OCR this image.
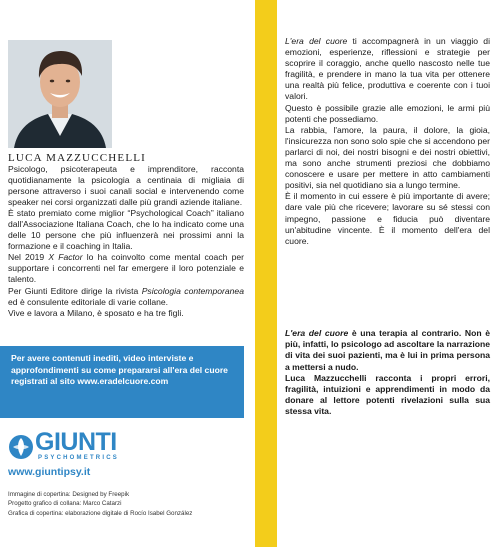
LUCA MAZZUCCHELLI

Psicologo, psicoterapeuta e imprenditore, racconta quotidianamente la psicologia a centinaia di migliaia di persone attraverso i suoi canali social e intervenendo come speaker nei corsi organizzati dalle più grandi aziende italiane.

È stato premiato come miglior “Psychological Coach” italiano dall'Associazione Italiana Coach, che lo ha indicato come una delle 10 persone che più influenzerà nei prossimi anni la formazione e il coaching in Italia.

Nel 2019 X Factor lo ha coinvolto come mental coach per supportare i concorrenti nel far emergere il loro potenziale e talento.

Per Giunti Editore dirige la rivista Psicologia contemporanea ed è consulente editoriale di varie collane.

Vive e lavora a Milano, è sposato e ha tre figli.

Per avere contenuti inediti, video interviste e approfondimenti su come prepararsi all'era del cuore registrati al sito www.eradelcuore.com
GIUNTI
PSYCHOMETRICS
www.giuntipsy.it
Immagine di copertina: Designed by Freepik
Progetto grafico di collana: Marco Catarzi
Grafica di copertina: elaborazione digitale di Rocío Isabel González

L'era del cuore ti accompagnerà in un viaggio di emozioni, esperienze, riflessioni e strategie per scoprire il coraggio, anche quello nascosto nelle tue fragilità, e prendere in mano la tua vita per ottenere una realtà più felice, produttiva e coerente con i tuoi valori.

Questo è possibile grazie alle emozioni, le armi più potenti che possediamo.

La rabbia, l'amore, la paura, il dolore, la gioia, l'insicurezza non sono solo spie che si accendono per parlarci di noi, dei nostri bisogni e dei nostri obiettivi, ma sono anche strumenti preziosi che dobbiamo conoscere e usare per mettere in atto cambiamenti positivi, sia nel quotidiano sia a lungo termine.

È il momento in cui essere è più importante di avere; dare vale più che ricevere; lavorare su sé stessi con impegno, passione e fiducia può diventare un'abitudine vincente. È il momento dell'era del cuore.

L'era del cuore è una terapia al contrario. Non è più, infatti, lo psicologo ad ascoltare la narrazione di vita dei suoi pazienti, ma è lui in prima persona a mettersi a nudo.

Luca Mazzucchelli racconta i propri errori, fragilità, intuizioni e apprendimenti in modo da donare al lettore potenti rivelazioni sulla sua stessa vita.
